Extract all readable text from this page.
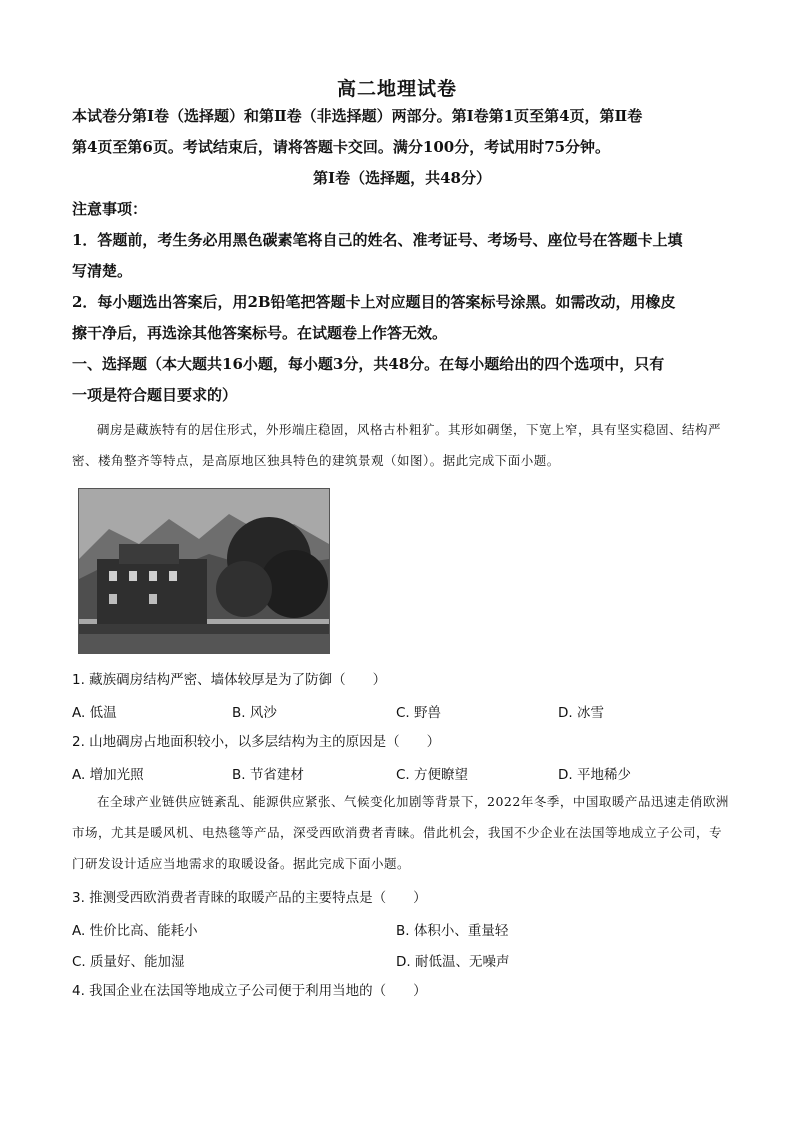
高二地理试卷

本试卷分第Ⅰ卷（选择题）和第Ⅱ卷（非选择题）两部分。第Ⅰ卷第1页至第4页，第Ⅱ卷

第4页至第6页。考试结束后，请将答题卡交回。满分100分，考试用时75分钟。

第Ⅰ卷（选择题，共48分）

注意事项：

1．答题前，考生务必用黑色碳素笔将自己的姓名、准考证号、考场号、座位号在答题卡上填

写清楚。

2．每小题选出答案后，用2B铅笔把答题卡上对应题目的答案标号涂黑。如需改动，用橡皮

擦干净后，再选涂其他答案标号。在试题卷上作答无效。

一、选择题（本大题共16小题，每小题3分，共48分。在每小题给出的四个选项中，只有

一项是符合题目要求的）

碉房是藏族特有的居住形式，外形端庄稳固，风格古朴粗犷。其形如碉堡，下宽上窄，具有坚实稳固、结构严密、楼角整齐等特点，是高原地区独具特色的建筑景观（如图）。据此完成下面小题。
1. 藏族碉房结构严密、墙体较厚是为了防御（　　）
A. 低温	B. 风沙	C. 野兽	D. 冰雪
2. 山地碉房占地面积较小，以多层结构为主的原因是（　　）
A. 增加光照	B. 节省建材	C. 方便瞭望	D. 平地稀少
在全球产业链供应链紊乱、能源供应紧张、气候变化加剧等背景下，2022年冬季，中国取暖产品迅速走俏欧洲市场，尤其是暖风机、电热毯等产品，深受西欧消费者青睐。借此机会，我国不少企业在法国等地成立子公司，专门研发设计适应当地需求的取暖设备。据此完成下面小题。
3. 推测受西欧消费者青睐的取暖产品的主要特点是（　　）
A. 性价比高、能耗小	B. 体积小、重量轻
C. 质量好、能加湿	D. 耐低温、无噪声
4. 我国企业在法国等地成立子公司便于利用当地的（　　）
